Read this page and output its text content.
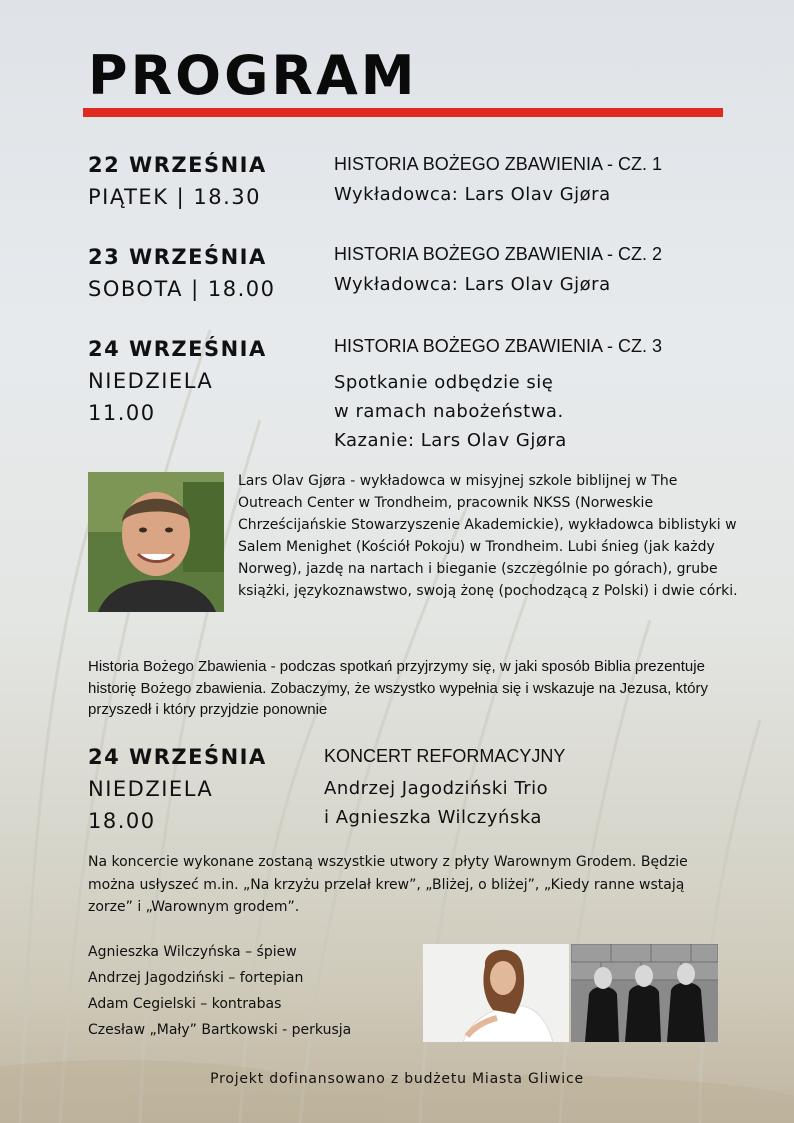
PROGRAM
22 WRZEŚNIA
PIĄTEK | 18.30
HISTORIA BOŻEGO ZBAWIENIA - CZ. 1
Wykładowca: Lars Olav Gjøra
23 WRZEŚNIA
SOBOTA | 18.00
HISTORIA BOŻEGO ZBAWIENIA - CZ. 2
Wykładowca: Lars Olav Gjøra
24 WRZEŚNIA
NIEDZIELA
11.00
HISTORIA BOŻEGO ZBAWIENIA - CZ. 3
Spotkanie odbędzie się
w ramach nabożeństwa.
Kazanie: Lars Olav Gjøra
Lars Olav Gjøra - wykładowca w misyjnej szkole biblijnej w The Outreach Center w Trondheim, pracownik NKSS (Norweskie Chrześcijańskie Stowarzyszenie Akademickie), wykładowca biblistyki w Salem Menighet (Kościół Pokoju) w Trondheim. Lubi śnieg (jak każdy Norweg), jazdę na nartach i bieganie (szczególnie po górach), grube książki, językoznawstwo, swoją żonę (pochodzącą z Polski) i dwie córki.
Historia Bożego Zbawienia - podczas spotkań przyjrzymy się, w jaki sposób Biblia prezentuje historię Bożego zbawienia. Zobaczymy, że wszystko wypełnia się i wskazuje na Jezusa, który przyszedł i który przyjdzie ponownie
24 WRZEŚNIA
NIEDZIELA
18.00
KONCERT REFORMACYJNY
Andrzej Jagodziński Trio
i Agnieszka Wilczyńska
Na koncercie wykonane zostaną wszystkie utwory z płyty Warownym Grodem. Będzie można usłyszeć m.in. „Na krzyżu przelał krew”, „Bliżej, o bliżej”, „Kiedy ranne wstają zorze” i „Warownym grodem”.
Agnieszka Wilczyńska – śpiew
Andrzej Jagodziński – fortepian
Adam Cegielski – kontrabas
Czesław „Mały” Bartkowski - perkusja
Projekt dofinansowano z budżetu Miasta Gliwice
